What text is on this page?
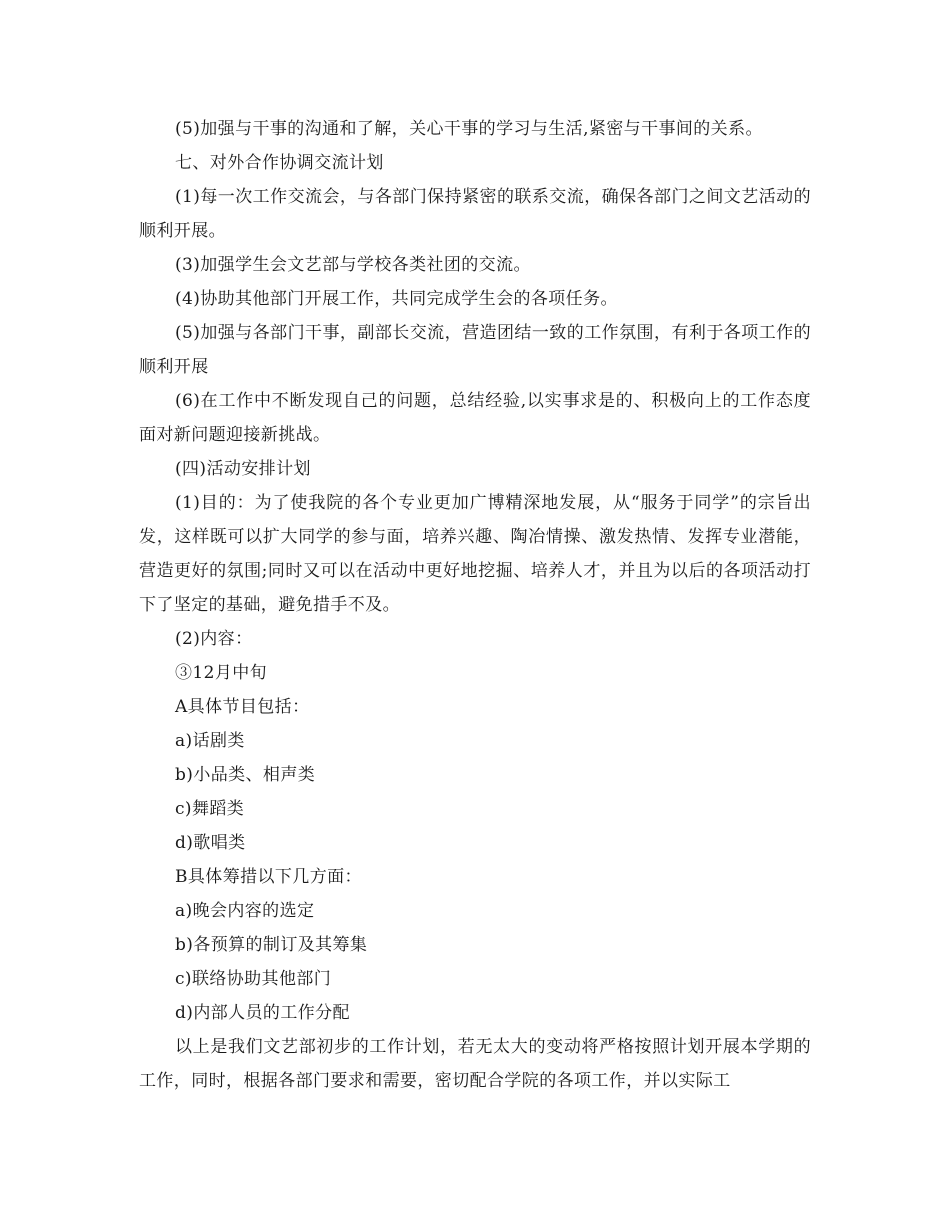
(5)加强与干事的沟通和了解，关心干事的学习与生活,紧密与干事间的关系。

七、对外合作协调交流计划

(1)每一次工作交流会，与各部门保持紧密的联系交流，确保各部门之间文艺活动的顺利开展。

(3)加强学生会文艺部与学校各类社团的交流。

(4)协助其他部门开展工作，共同完成学生会的各项任务。

(5)加强与各部门干事，副部长交流，营造团结一致的工作氛围，有利于各项工作的顺利开展

(6)在工作中不断发现自己的问题，总结经验,以实事求是的、积极向上的工作态度面对新问题迎接新挑战。

(四)活动安排计划

(1)目的：为了使我院的各个专业更加广博精深地发展，从“服务于同学”的宗旨出发，这样既可以扩大同学的参与面，培养兴趣、陶冶情操、激发热情、发挥专业潜能，营造更好的氛围;同时又可以在活动中更好地挖掘、培养人才，并且为以后的各项活动打下了坚定的基础，避免措手不及。

(2)内容：

③12月中旬

A具体节目包括：

a)话剧类

b)小品类、相声类

c)舞蹈类

d)歌唱类

B具体筹措以下几方面：

a)晚会内容的选定

b)各预算的制订及其筹集

c)联络协助其他部门

d)内部人员的工作分配

以上是我们文艺部初步的工作计划，若无太大的变动将严格按照计划开展本学期的工作，同时，根据各部门要求和需要，密切配合学院的各项工作，并以实际工
